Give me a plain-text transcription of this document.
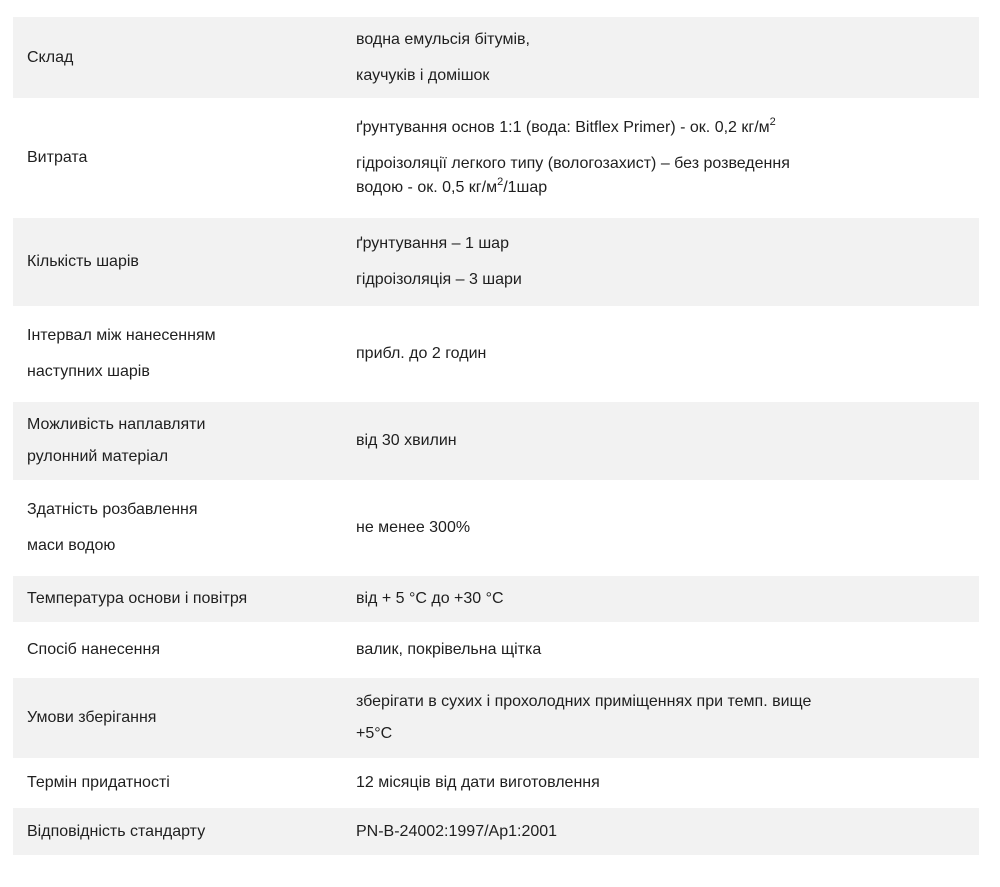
Склад	водна емульсія бітумів,
каучуків і домішок

Витрата	ґрунтування основ 1:1 (вода: Bitflex Primer) - ок. 0,2 $кг/м^2$
гідроізоляції легкого типу (вологозахист) – без розведення
водою - ок. 0,5 $кг/м^2/1шар$

Кількість шарів	ґрунтування – 1 шар
гідроізоляція – 3 шари

Інтервал між нанесенням
наступних шарів	прибл. до 2 годин

Можливість наплавляти
рулонний матеріал	від 30 хвилин

Здатність розбавлення
маси водою	не менее 300%

Температура основи і повітря	від + 5 °C до +30 °C

Спосіб нанесення	валик, покрівельна щітка

Умови зберігання	зберігати в сухих і прохолодних приміщеннях при темп. вище
+5°C

Термін придатності	12 місяців від дати виготовлення

Відповідність стандарту	PN-B-24002:1997/Ap1:2001
